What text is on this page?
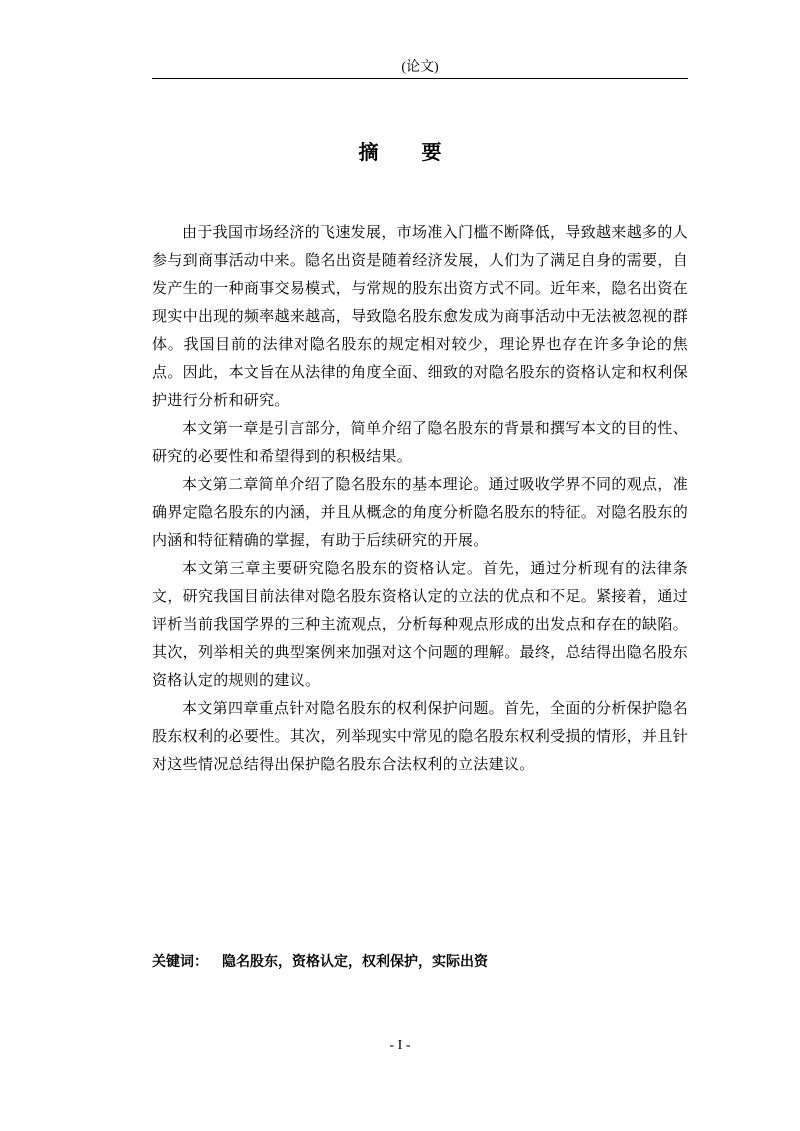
(论文)
摘 要

由于我国市场经济的飞速发展，市场准入门槛不断降低，导致越来越多的人参与到商事活动中来。隐名出资是随着经济发展，人们为了满足自身的需要，自发产生的一种商事交易模式，与常规的股东出资方式不同。近年来，隐名出资在现实中出现的频率越来越高，导致隐名股东愈发成为商事活动中无法被忽视的群体。我国目前的法律对隐名股东的规定相对较少，理论界也存在许多争论的焦点。因此，本文旨在从法律的角度全面、细致的对隐名股东的资格认定和权利保护进行分析和研究。

本文第一章是引言部分，简单介绍了隐名股东的背景和撰写本文的目的性、研究的必要性和希望得到的积极结果。

本文第二章简单介绍了隐名股东的基本理论。通过吸收学界不同的观点，准确界定隐名股东的内涵，并且从概念的角度分析隐名股东的特征。对隐名股东的内涵和特征精确的掌握，有助于后续研究的开展。

本文第三章主要研究隐名股东的资格认定。首先，通过分析现有的法律条文，研究我国目前法律对隐名股东资格认定的立法的优点和不足。紧接着，通过评析当前我国学界的三种主流观点，分析每种观点形成的出发点和存在的缺陷。其次，列举相关的典型案例来加强对这个问题的理解。最终，总结得出隐名股东资格认定的规则的建议。

本文第四章重点针对隐名股东的权利保护问题。首先，全面的分析保护隐名股东权利的必要性。其次，列举现实中常见的隐名股东权利受损的情形，并且针对这些情况总结得出保护隐名股东合法权利的立法建议。

关键词： 隐名股东，资格认定，权利保护，实际出资
- I -
